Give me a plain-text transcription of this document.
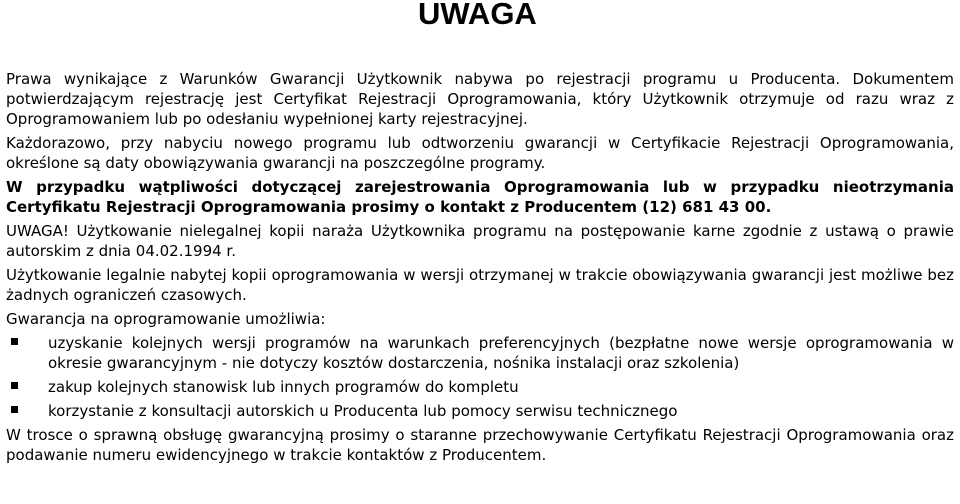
UWAGA

Prawa wynikające z Warunków Gwarancji Użytkownik nabywa po rejestracji programu u Producenta. Dokumentem potwierdzającym rejestrację jest Certyfikat Rejestracji Oprogramowania, który Użytkownik otrzymuje od razu wraz z Oprogramowaniem lub po odesłaniu wypełnionej karty rejestracyjnej.

Każdorazowo, przy nabyciu nowego programu lub odtworzeniu gwarancji w Certyfikacie Rejestracji Oprogramowania, określone są daty obowiązywania gwarancji na poszczególne programy.

W przypadku wątpliwości dotyczącej zarejestrowania Oprogramowania lub w przypadku nieotrzymania Certyfikatu Rejestracji Oprogramowania prosimy o kontakt z Producentem (12) 681 43 00.

UWAGA! Użytkowanie nielegalnej kopii naraża Użytkownika programu na postępowanie karne zgodnie z ustawą o prawie autorskim z dnia 04.02.1994 r.

Użytkowanie legalnie nabytej kopii oprogramowania w wersji otrzymanej w trakcie obowiązywania gwarancji jest możliwe bez żadnych ograniczeń czasowych.

Gwarancja na oprogramowanie umożliwia:

uzyskanie kolejnych wersji programów na warunkach preferencyjnych (bezpłatne nowe wersje oprogramowania w okresie gwarancyjnym - nie dotyczy kosztów dostarczenia, nośnika instalacji oraz szkolenia)
zakup kolejnych stanowisk lub innych programów do kompletu
korzystanie z konsultacji autorskich u Producenta lub pomocy serwisu technicznego

W trosce o sprawną obsługę gwarancyjną prosimy o staranne przechowywanie Certyfikatu Rejestracji Oprogramowania oraz podawanie numeru ewidencyjnego w trakcie kontaktów z Producentem.
